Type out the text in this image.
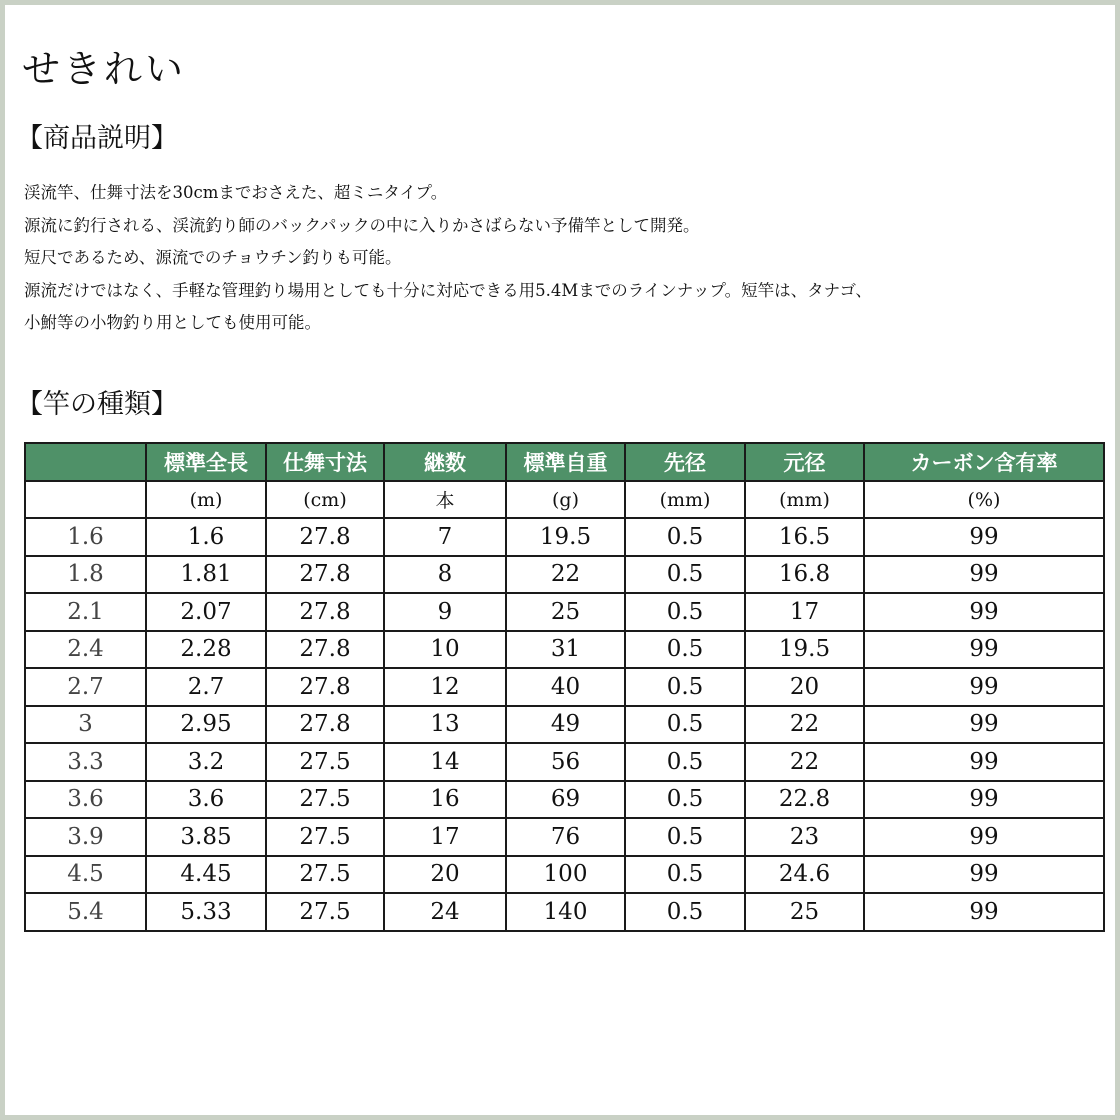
せきれい
【商品説明】

渓流竿、仕舞寸法を30cmまでおさえた、超ミニタイプ。

源流に釣行される、渓流釣り師のバックパックの中に入りかさばらない予備竿として開発。

短尺であるため、源流でのチョウチン釣りも可能。

源流だけではなく、手軽な管理釣り場用としても十分に対応できる用5.4Mまでのラインナップ。短竿は、タナゴ、

小鮒等の小物釣り用としても使用可能。

【竿の種類】
	標準全長	仕舞寸法	継数	標準自重	先径	元径	カーボン含有率
	(m)	(cm)	本	(g)	(mm)	(mm)	(%)
1.6	1.6	27.8	7	19.5	0.5	16.5	99
1.8	1.81	27.8	8	22	0.5	16.8	99
2.1	2.07	27.8	9	25	0.5	17	99
2.4	2.28	27.8	10	31	0.5	19.5	99
2.7	2.7	27.8	12	40	0.5	20	99
3	2.95	27.8	13	49	0.5	22	99
3.3	3.2	27.5	14	56	0.5	22	99
3.6	3.6	27.5	16	69	0.5	22.8	99
3.9	3.85	27.5	17	76	0.5	23	99
4.5	4.45	27.5	20	100	0.5	24.6	99
5.4	5.33	27.5	24	140	0.5	25	99
